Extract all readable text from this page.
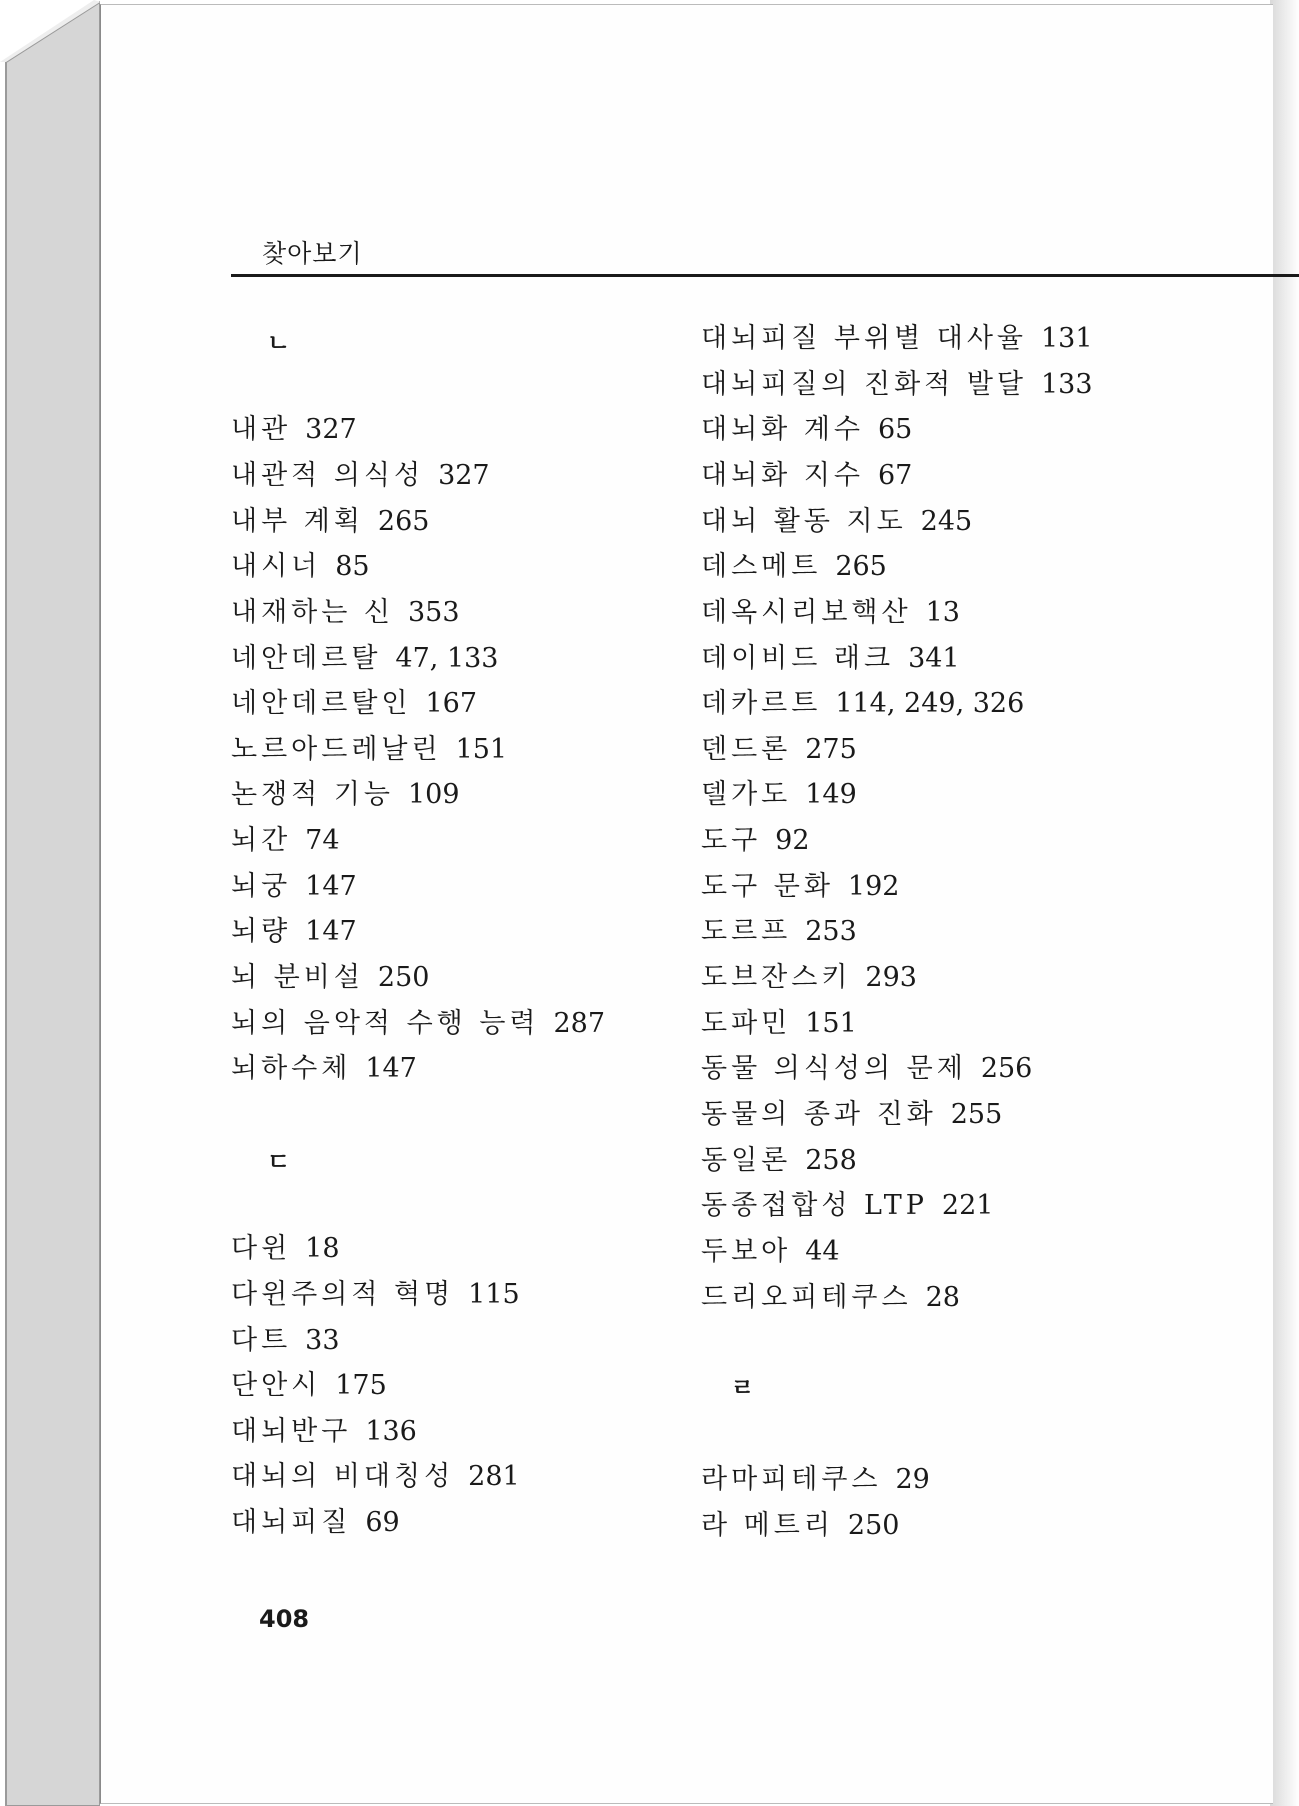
찾아보기
ㄴ
내관 327
내관적 의식성 327
내부 계획 265
내시너 85
내재하는 신 353
네안데르탈 47, 133
네안데르탈인 167
노르아드레날린 151
논쟁적 기능 109
뇌간 74
뇌궁 147
뇌량 147
뇌 분비설 250
뇌의 음악적 수행 능력 287
뇌하수체 147
ㄷ
다윈 18
다윈주의적 혁명 115
다트 33
단안시 175
대뇌반구 136
대뇌의 비대칭성 281
대뇌피질 69
대뇌피질 부위별 대사율 131
대뇌피질의 진화적 발달 133
대뇌화 계수 65
대뇌화 지수 67
대뇌 활동 지도 245
데스메트 265
데옥시리보핵산 13
데이비드 래크 341
데카르트 114, 249, 326
덴드론 275
델가도 149
도구 92
도구 문화 192
도르프 253
도브잔스키 293
도파민 151
동물 의식성의 문제 256
동물의 종과 진화 255
동일론 258
동종접합성 LTP 221
두보아 44
드리오피테쿠스 28
ㄹ
라마피테쿠스 29
라 메트리 250
408
